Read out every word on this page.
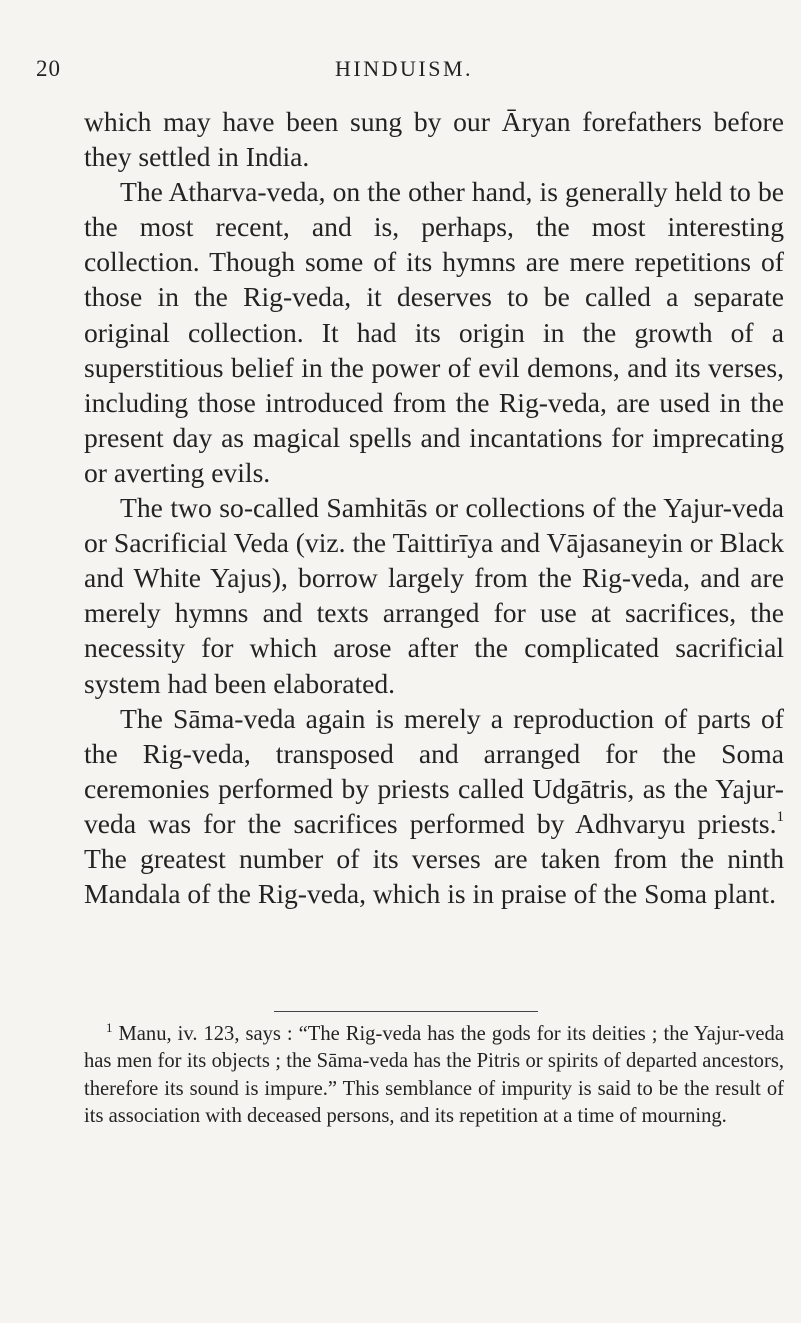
20	HINDUISM.

which may have been sung by our Āryan forefathers before they settled in India.

The Atharva-veda, on the other hand, is generally held to be the most recent, and is, perhaps, the most interesting collection. Though some of its hymns are mere repetitions of those in the Rig-veda, it deserves to be called a separate original collection. It had its origin in the growth of a superstitious belief in the power of evil demons, and its verses, including those introduced from the Rig-veda, are used in the present day as magical spells and incantations for imprecating or averting evils.

The two so-called Samhitās or collections of the Yajur-veda or Sacrificial Veda (viz. the Taittirīya and Vājasaneyin or Black and White Yajus), borrow largely from the Rig-veda, and are merely hymns and texts arranged for use at sacrifices, the necessity for which arose after the complicated sacrificial system had been elaborated.

The Sāma-veda again is merely a reproduction of parts of the Rig-veda, transposed and arranged for the Soma ceremonies performed by priests called Udgātris, as the Yajur-veda was for the sacrifices performed by Adhvaryu priests.$^1$ The greatest number of its verses are taken from the ninth Mandala of the Rig-veda, which is in praise of the Soma plant.

$^1$ Manu, iv. 123, says : “The Rig-veda has the gods for its deities ; the Yajur-veda has men for its objects ; the Sāma-veda has the Pitris or spirits of departed ancestors, therefore its sound is impure.” This semblance of impurity is said to be the result of its association with deceased persons, and its repetition at a time of mourning.
